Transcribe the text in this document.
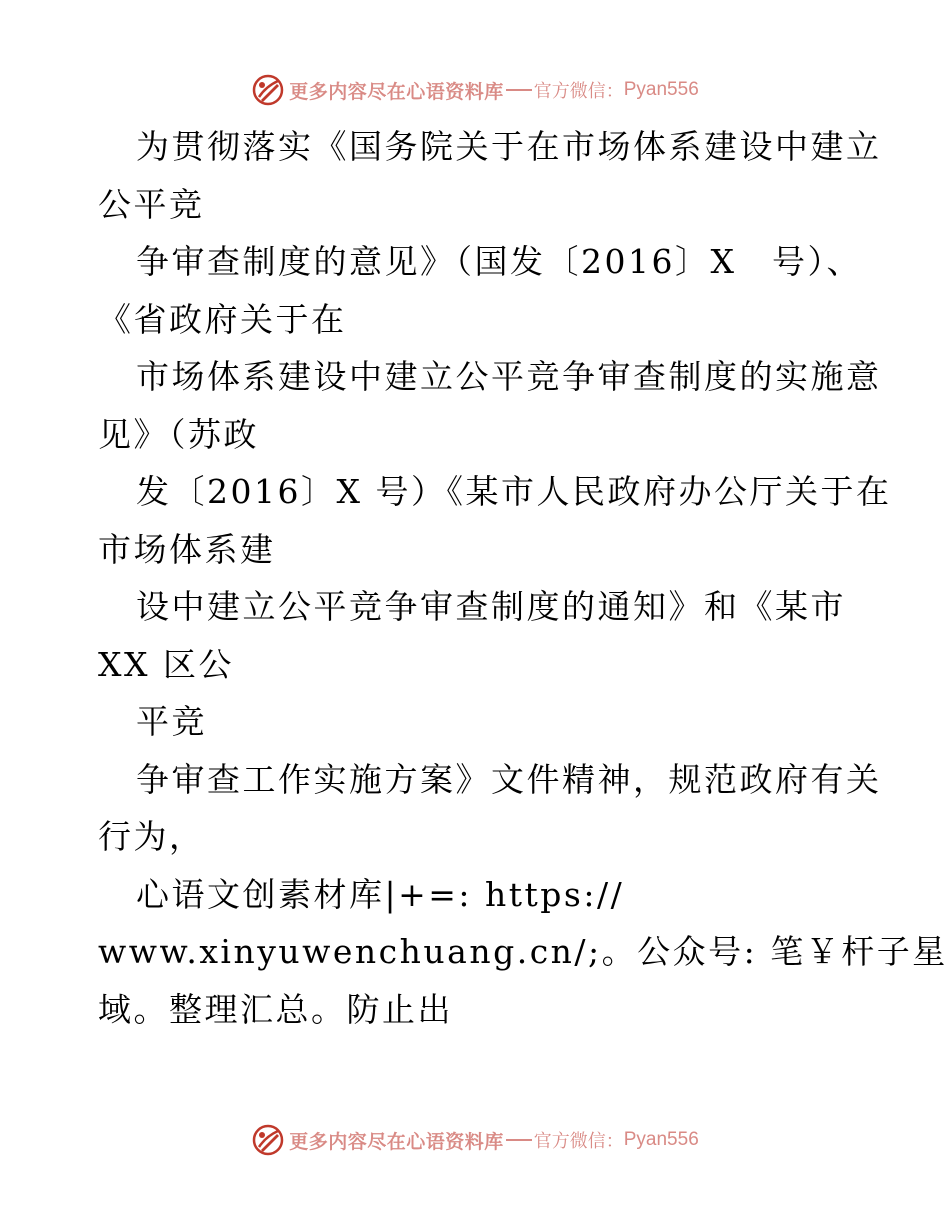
更多内容尽在心语资料库 官方微信： Pyan556
为贯彻落实《国务院关于在市场体系建设中建立
公平竞
争审查制度的意见》（国发〔2016〕X　号）、
《省政府关于在
市场体系建设中建立公平竞争审查制度的实施意
见》（苏政
发〔2016〕X 号）《某市人民政府办公厅关于在
市场体系建
设中建立公平竞争审查制度的通知》和《某市
XX 区公
平竞
争审查工作实施方案》文件精神，规范政府有关
行为，
心语文创素材库|+=: https://
www.xinyuwenchuang.cn/;。公众号: 笔￥杆子星
域。整理汇总。防止出
更多内容尽在心语资料库 官方微信： Pyan556
